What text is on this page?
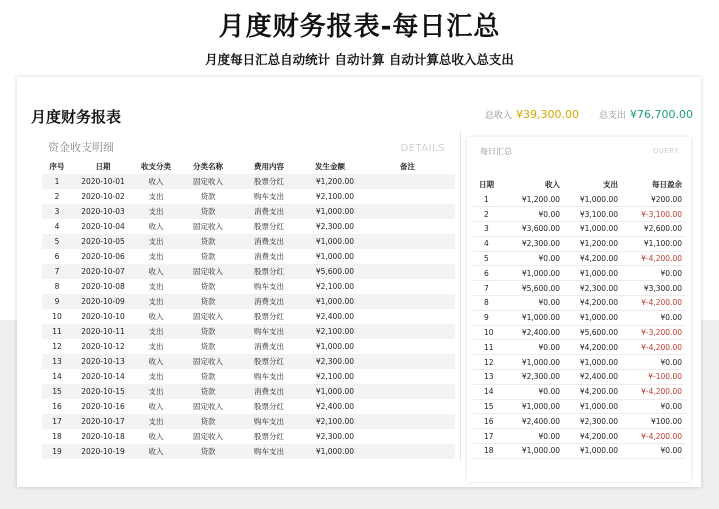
月度财务报表-每日汇总
月度每日汇总自动统计 自动计算 自动计算总收入总支出
月度财务报表	总收入 ¥39,300.00 总支出 ¥76,700.00
资金收支明细	DETAILS
序号	日期	收支分类	分类名称	费用内容	发生金额	备注
1	2020-10-01	收入	固定收入	股票分红	¥1,200.00	
2	2020-10-02	支出	贷款	购车支出	¥2,100.00	
3	2020-10-03	支出	贷款	消费支出	¥1,000.00	
4	2020-10-04	收入	固定收入	股票分红	¥2,300.00	
5	2020-10-05	支出	贷款	消费支出	¥1,000.00	
6	2020-10-06	支出	贷款	消费支出	¥1,000.00	
7	2020-10-07	收入	固定收入	股票分红	¥5,600.00	
8	2020-10-08	支出	贷款	购车支出	¥2,100.00	
9	2020-10-09	支出	贷款	消费支出	¥1,000.00	
10	2020-10-10	收入	固定收入	股票分红	¥2,400.00	
11	2020-10-11	支出	贷款	购车支出	¥2,100.00	
12	2020-10-12	支出	贷款	消费支出	¥1,000.00	
13	2020-10-13	收入	固定收入	股票分红	¥2,300.00	
14	2020-10-14	支出	贷款	购车支出	¥2,100.00	
15	2020-10-15	支出	贷款	消费支出	¥1,000.00	
16	2020-10-16	收入	固定收入	股票分红	¥2,400.00	
17	2020-10-17	支出	贷款	购车支出	¥2,100.00	
18	2020-10-18	收入	固定收入	股票分红	¥2,300.00	
19	2020-10-19	收入	贷款	购车支出	¥1,000.00	
每日汇总	QUERY
日期	收入	支出	每日盈余
1	¥1,200.00	¥1,000.00	¥200.00
2	¥0.00	¥3,100.00	¥-3,100.00
3	¥3,600.00	¥1,000.00	¥2,600.00
4	¥2,300.00	¥1,200.00	¥1,100.00
5	¥0.00	¥4,200.00	¥-4,200.00
6	¥1,000.00	¥1,000.00	¥0.00
7	¥5,600.00	¥2,300.00	¥3,300.00
8	¥0.00	¥4,200.00	¥-4,200.00
9	¥1,000.00	¥1,000.00	¥0.00
10	¥2,400.00	¥5,600.00	¥-3,200.00
11	¥0.00	¥4,200.00	¥-4,200.00
12	¥1,000.00	¥1,000.00	¥0.00
13	¥2,300.00	¥2,400.00	¥-100.00
14	¥0.00	¥4,200.00	¥-4,200.00
15	¥1,000.00	¥1,000.00	¥0.00
16	¥2,400.00	¥2,300.00	¥100.00
17	¥0.00	¥4,200.00	¥-4,200.00
18	¥1,000.00	¥1,000.00	¥0.00
